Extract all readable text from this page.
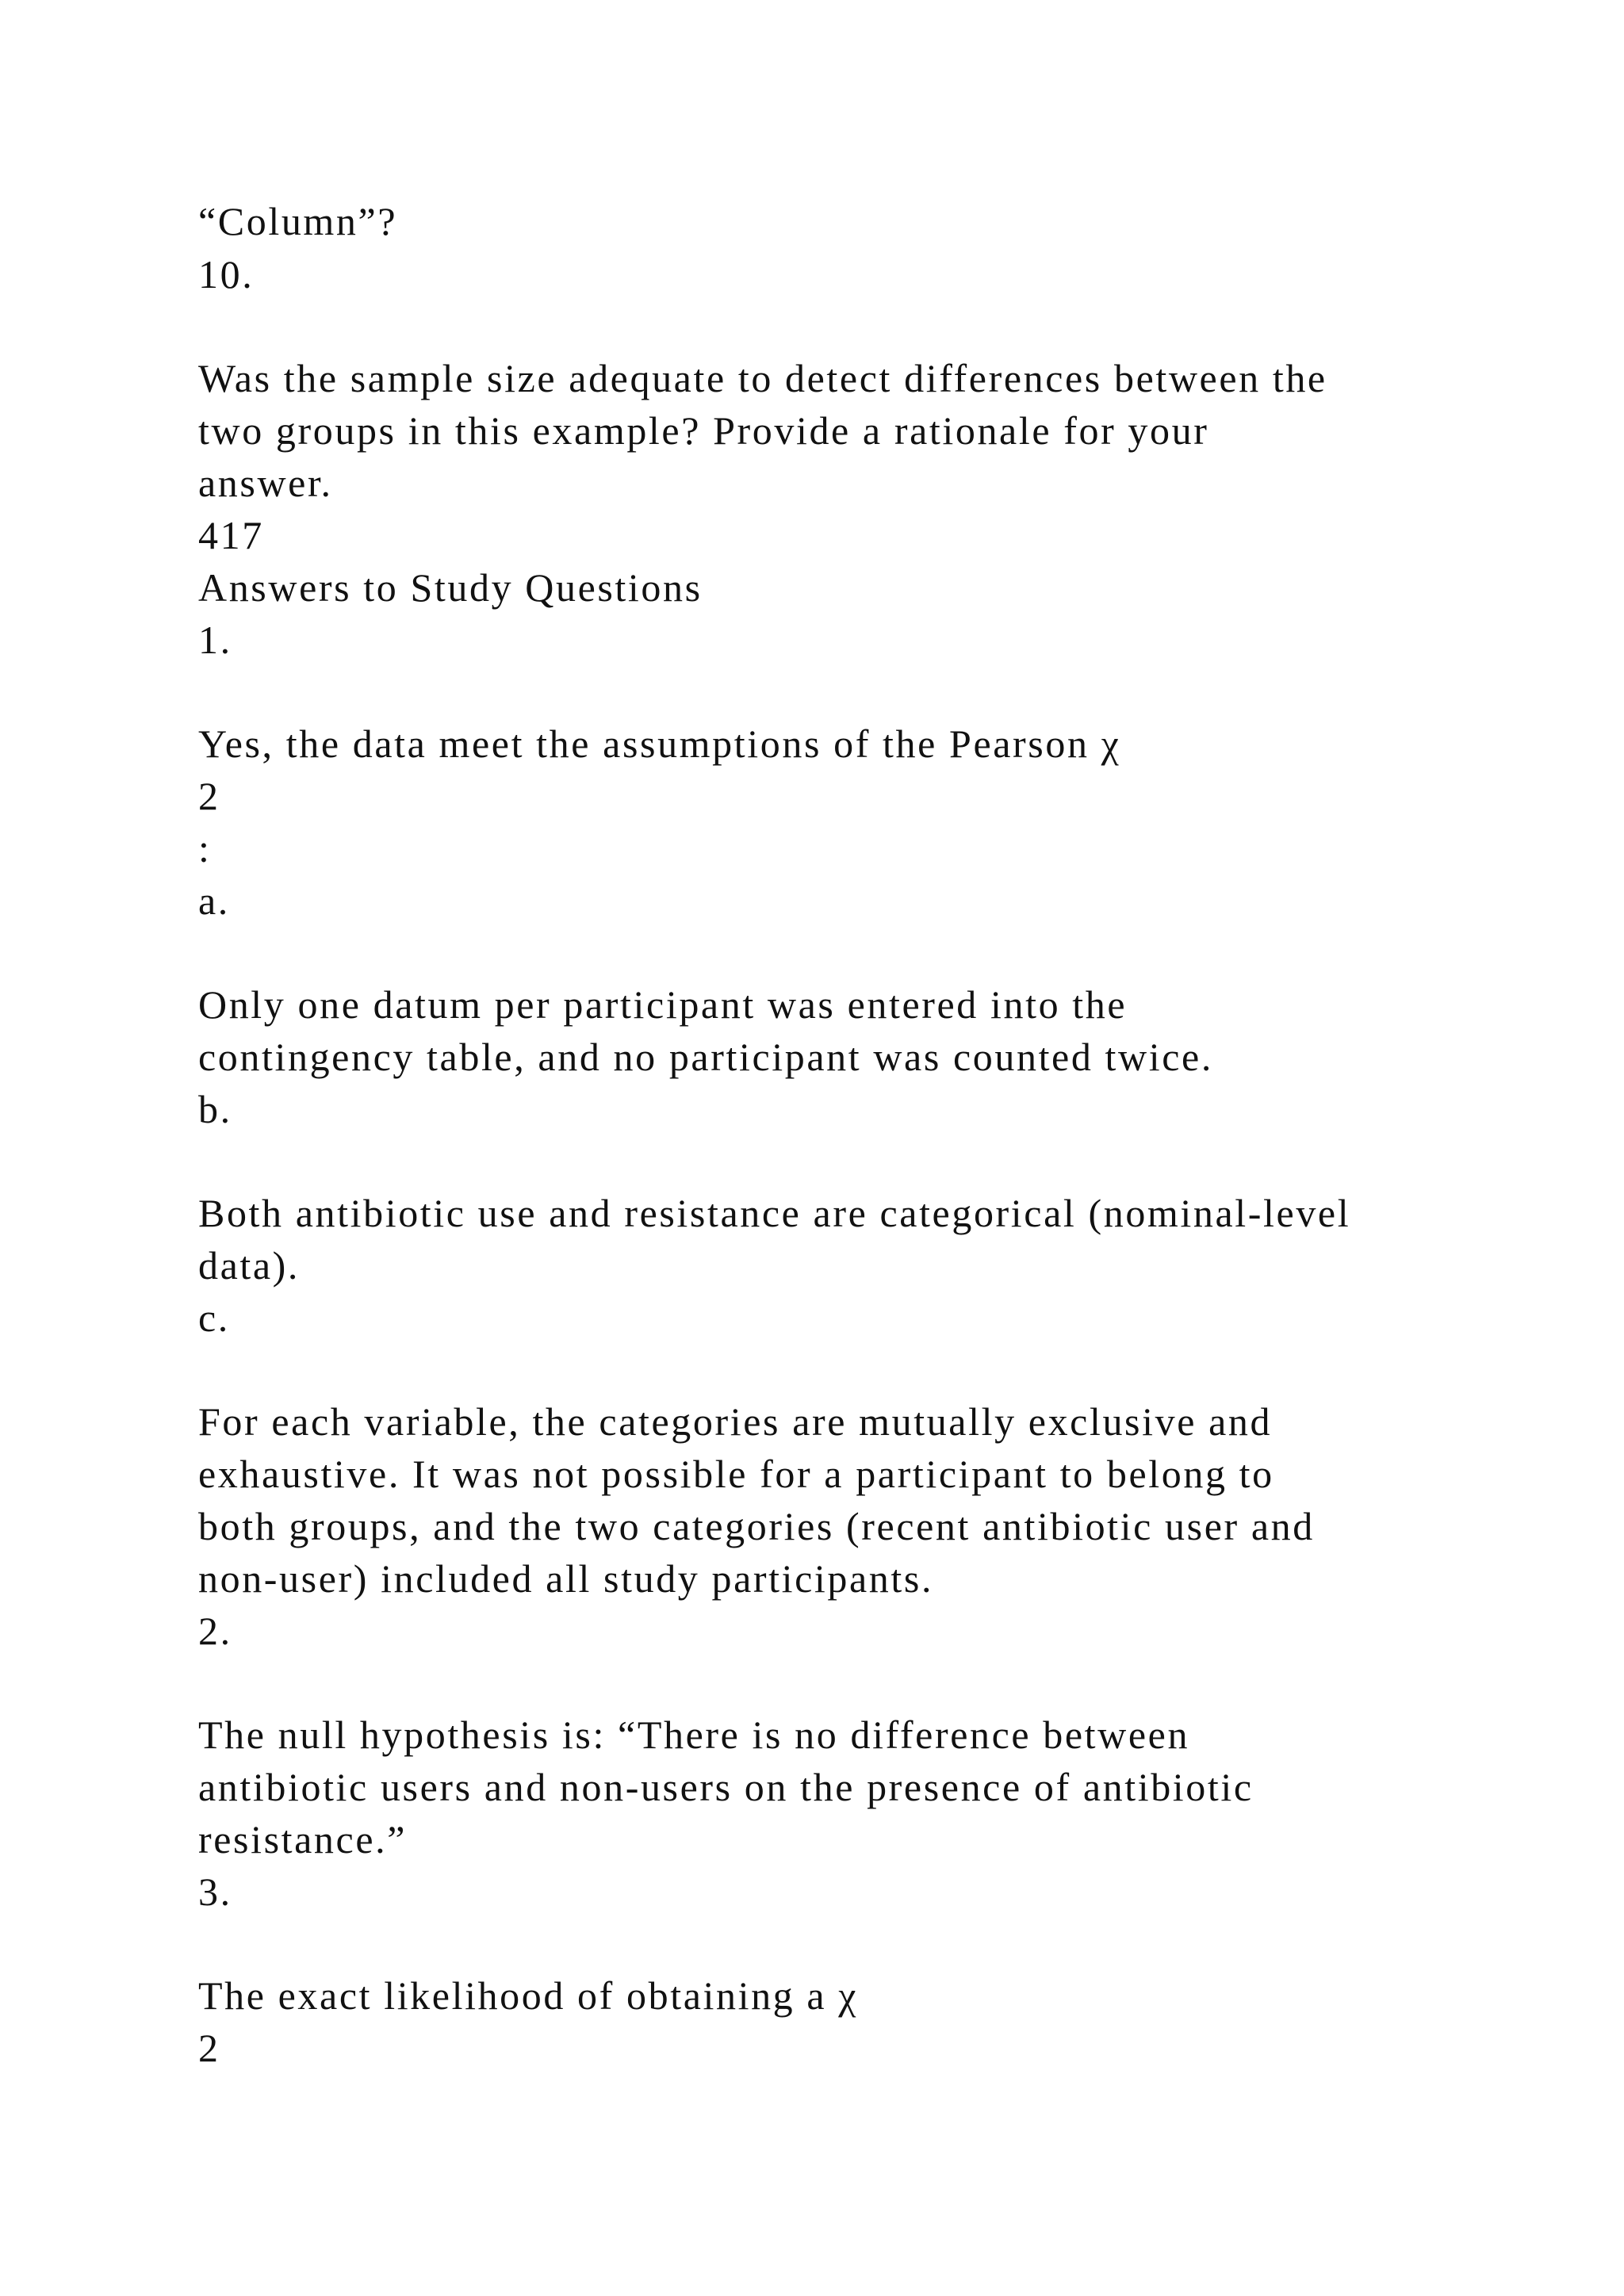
“Column”?

10.

Was the sample size adequate to detect differences between the

two groups in this example? Provide a rationale for your

answer.

417

Answers to Study Questions

1.

Yes, the data meet the assumptions of the Pearson χ

2

:

a.

Only one datum per participant was entered into the

contingency table, and no participant was counted twice.

b.

Both antibiotic use and resistance are categorical (nominal-level

data).

c.

For each variable, the categories are mutually exclusive and

exhaustive. It was not possible for a participant to belong to

both groups, and the two categories (recent antibiotic user and

non-user) included all study participants.

2.

The null hypothesis is: “There is no difference between

antibiotic users and non-users on the presence of antibiotic

resistance.”

3.

The exact likelihood of obtaining a χ

2
